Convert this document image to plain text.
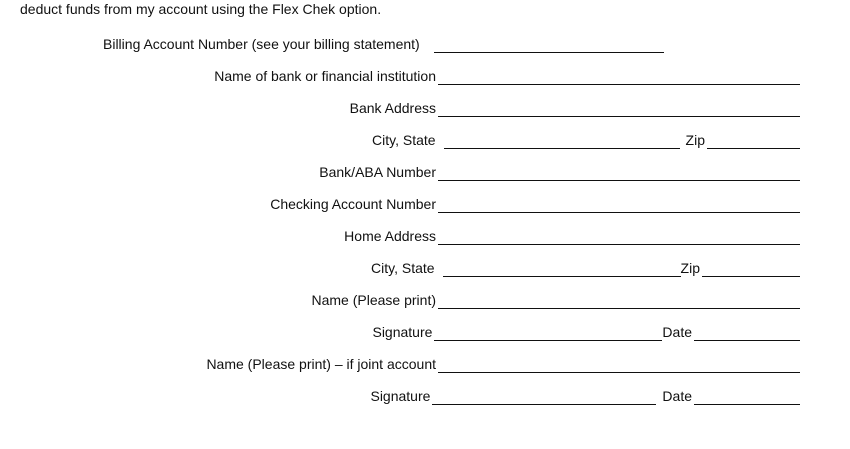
deduct funds from my account using the Flex Chek option.
Billing Account Number (see your billing statement)
Name of bank or financial institution
Bank Address
City, State	Zip
Bank/ABA Number
Checking Account Number
Home Address
City, State	Zip
Name (Please print)
Signature	Date
Name (Please print) – if joint account
Signature	Date
